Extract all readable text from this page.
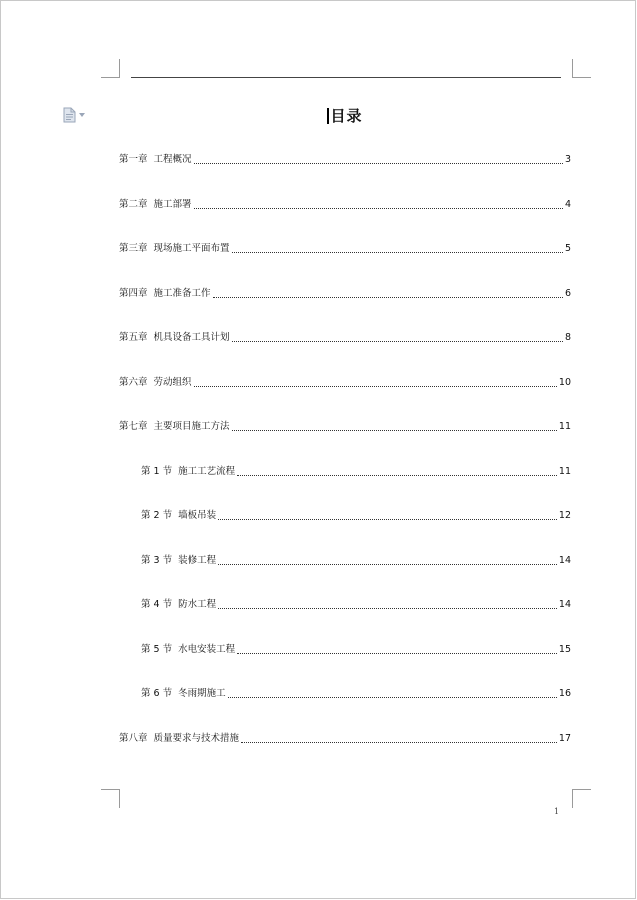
目录
第一章  工程概况	3
第二章  施工部署	4
第三章  现场施工平面布置	5
第四章  施工准备工作	6
第五章  机具设备工具计划	8
第六章  劳动组织	10
第七章  主要项目施工方法	11
第 1 节  施工工艺流程	11
第 2 节  墙板吊装	12
第 3 节  装修工程	14
第 4 节  防水工程	14
第 5 节  水电安装工程	15
第 6 节  冬雨期施工	16
第八章  质量要求与技术措施	17
1
